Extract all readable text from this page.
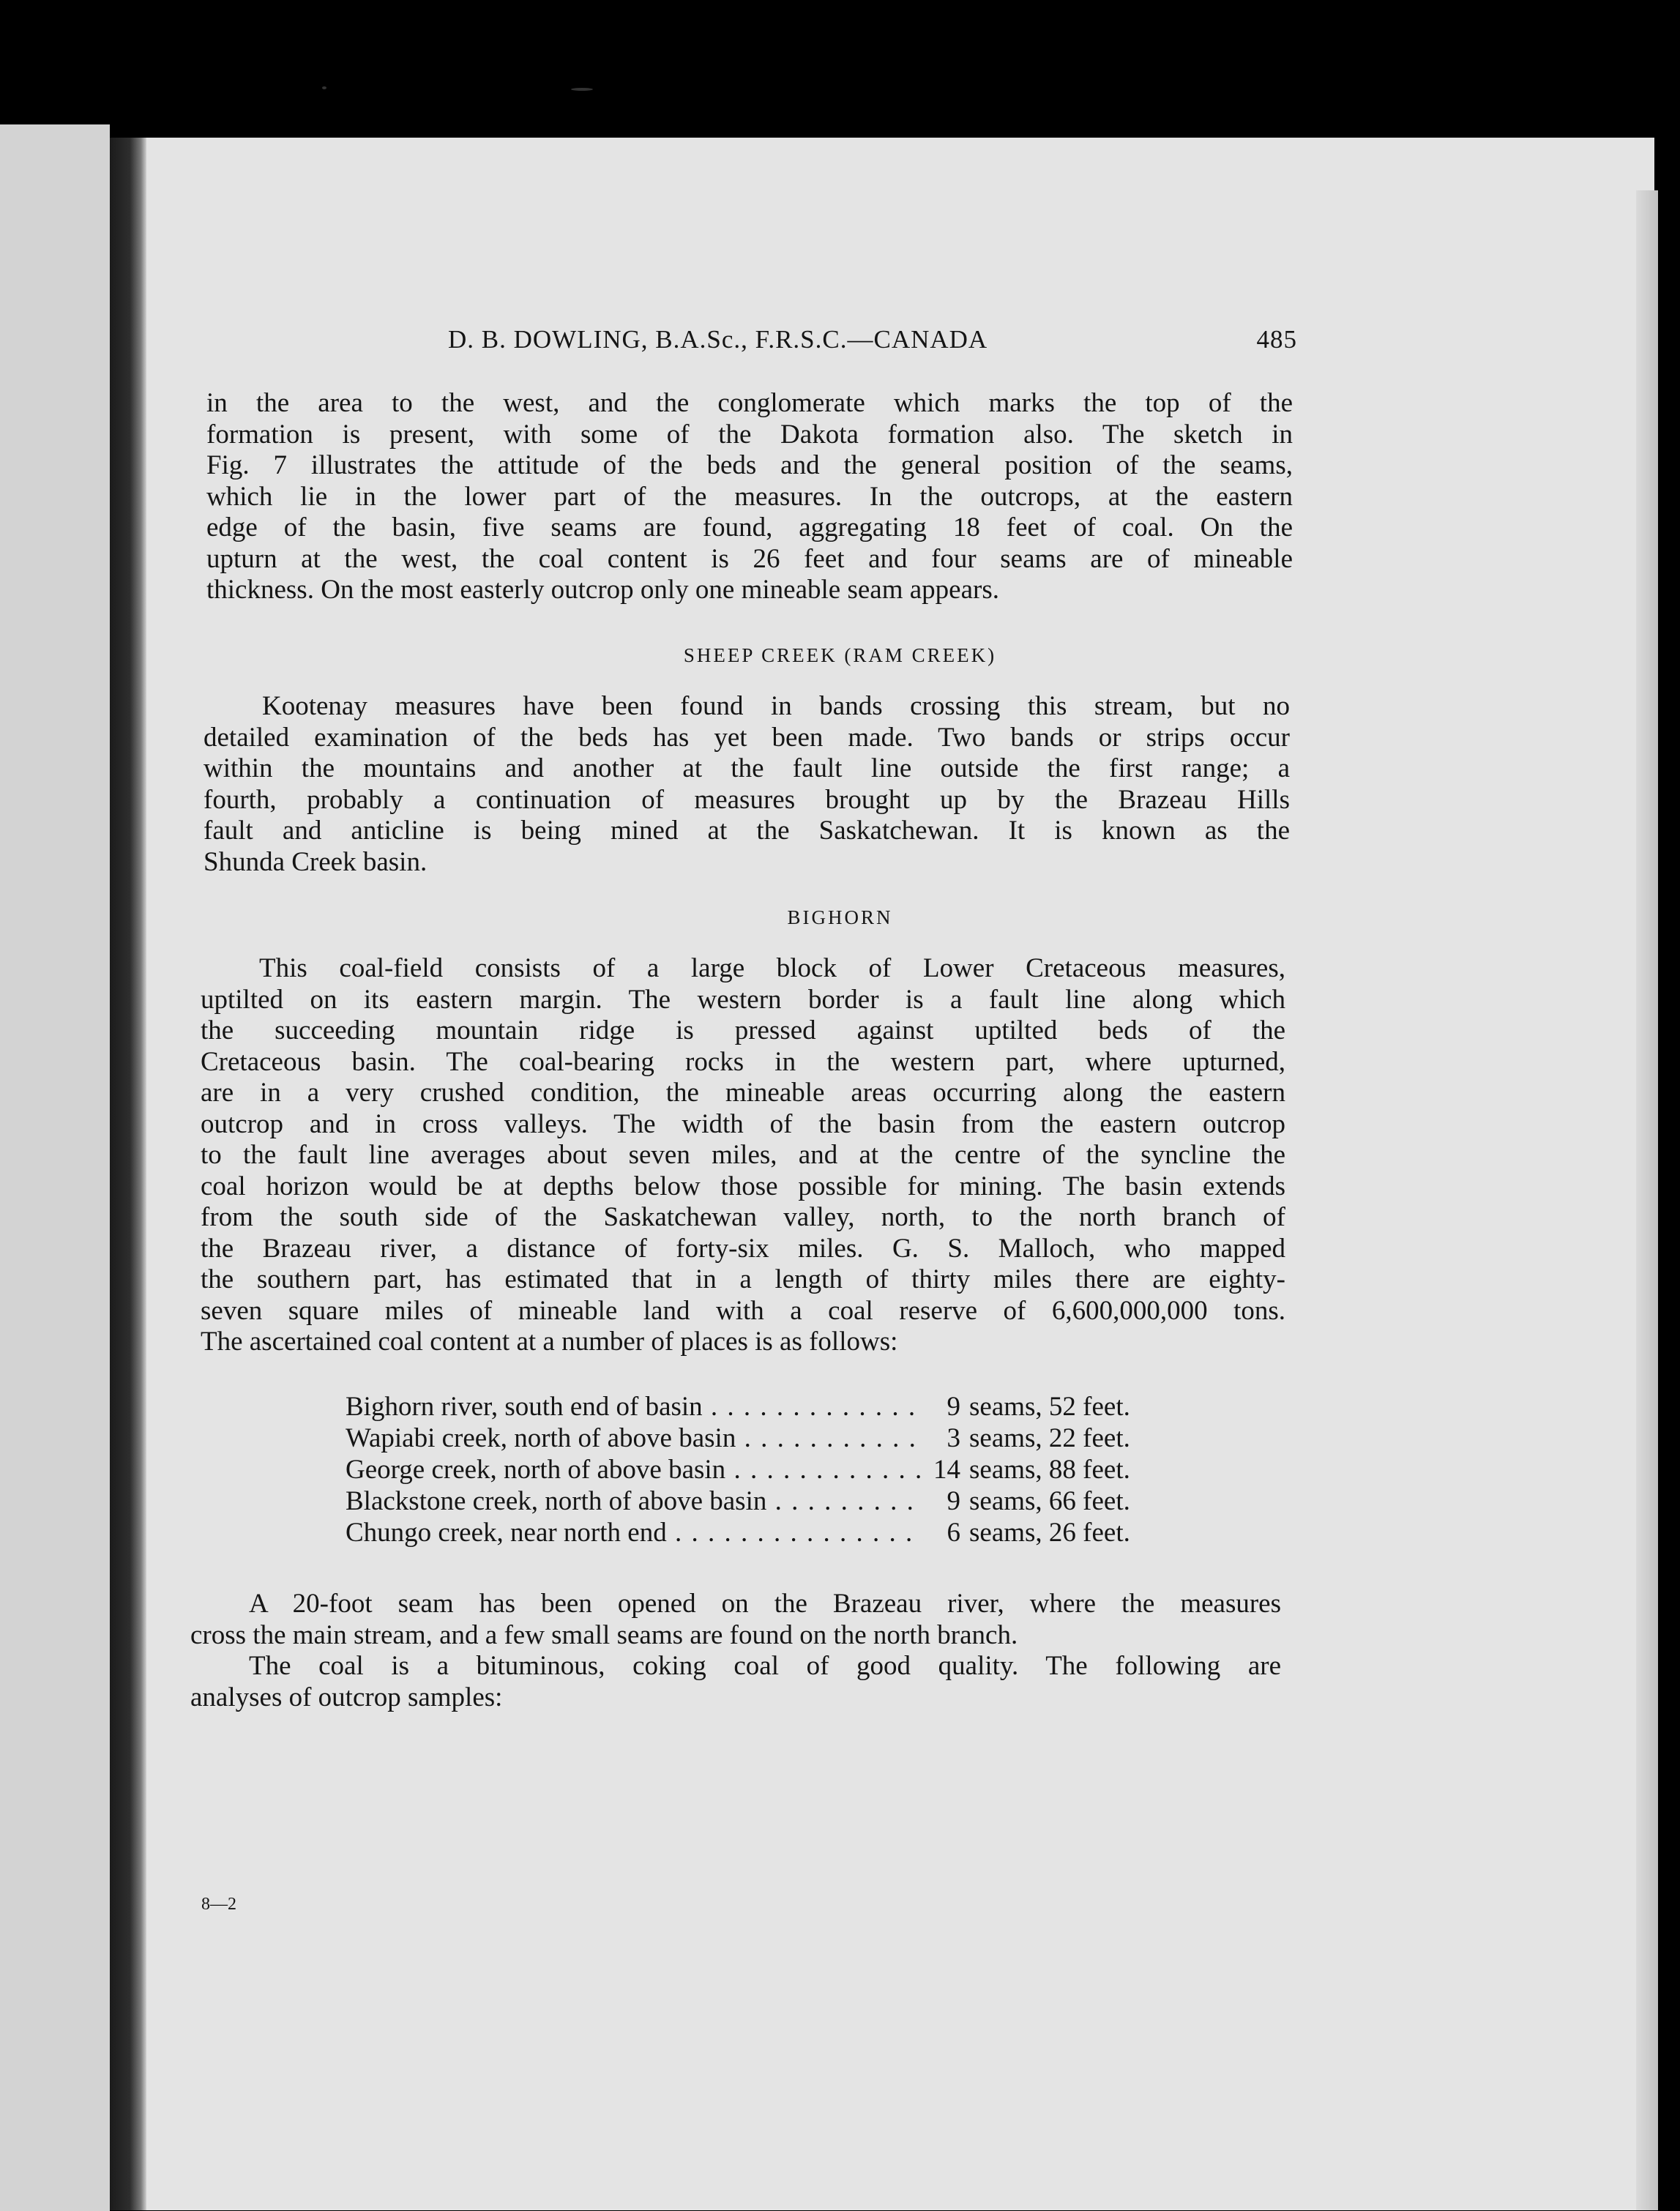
D. B. DOWLING, B.A.Sc., F.R.S.C.—CANADA	485
in the area to the west, and the conglomerate which marks the top of the
formation is present, with some of the Dakota formation also. The sketch in
Fig. 7 illustrates the attitude of the beds and the general position of the seams,
which lie in the lower part of the measures. In the outcrops, at the eastern
edge of the basin, five seams are found, aggregating 18 feet of coal. On the
upturn at the west, the coal content is 26 feet and four seams are of mineable
thickness. On the most easterly outcrop only one mineable seam appears.
SHEEP CREEK (RAM CREEK)
Kootenay measures have been found in bands crossing this stream, but no
detailed examination of the beds has yet been made. Two bands or strips occur
within the mountains and another at the fault line outside the first range; a
fourth, probably a continuation of measures brought up by the Brazeau Hills
fault and anticline is being mined at the Saskatchewan. It is known as the
Shunda Creek basin.
BIGHORN
This coal-field consists of a large block of Lower Cretaceous measures,
uptilted on its eastern margin. The western border is a fault line along which
the succeeding mountain ridge is pressed against uptilted beds of the
Cretaceous basin. The coal-bearing rocks in the western part, where upturned,
are in a very crushed condition, the mineable areas occurring along the eastern
outcrop and in cross valleys. The width of the basin from the eastern outcrop
to the fault line averages about seven miles, and at the centre of the syncline the
coal horizon would be at depths below those possible for mining. The basin extends
from the south side of the Saskatchewan valley, north, to the north branch of
the Brazeau river, a distance of forty-six miles. G. S. Malloch, who mapped
the southern part, has estimated that in a length of thirty miles there are eighty-
seven square miles of mineable land with a coal reserve of 6,600,000,000 tons.
The ascertained coal content at a number of places is as follows:
Bighorn river, south end of basin . . .	9 seams, 52 feet.
Wapiabi creek, north of above basin . . .	3 seams, 22 feet.
George creek, north of above basin . . .	14 seams, 88 feet.
Blackstone creek, north of above basin . . .	9 seams, 66 feet.
Chungo creek, near north end . . .	6 seams, 26 feet.
A 20-foot seam has been opened on the Brazeau river, where the measures
cross the main stream, and a few small seams are found on the north branch.
The coal is a bituminous, coking coal of good quality. The following are
analyses of outcrop samples:
8—2
